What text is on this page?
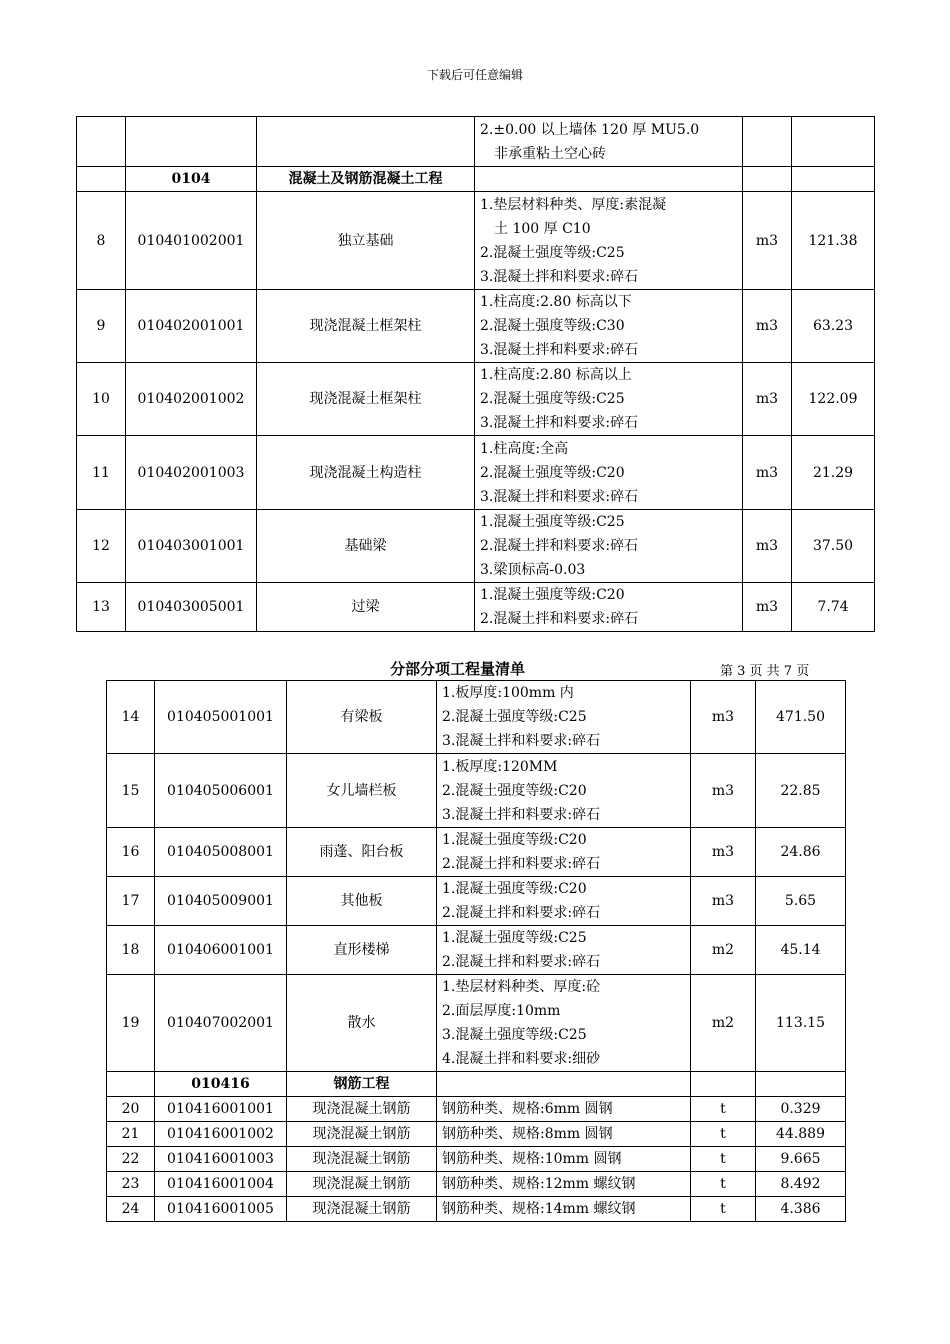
下载后可任意编辑

			2.±0.00 以上墙体 120 厚 MU5.0
非承重粘土空心砖		

	0104	混凝土及钢筋混凝土工程	

8	010401002001	独立基础	1.垫层材料种类、厚度:素混凝
土 100 厚 C10
2.混凝土强度等级:C25
3.混凝土拌和料要求:碎石	m3	121.38
9	010402001001	现浇混凝土框架柱	1.柱高度:2.80 标高以下
2.混凝土强度等级:C30
3.混凝土拌和料要求:碎石	m3	63.23
10	010402001002	现浇混凝土框架柱	1.柱高度:2.80 标高以上
2.混凝土强度等级:C25
3.混凝土拌和料要求:碎石	m3	122.09
11	010402001003	现浇混凝土构造柱	1.柱高度:全高
2.混凝土强度等级:C20
3.混凝土拌和料要求:碎石	m3	21.29
12	010403001001	基础梁	1.混凝土强度等级:C25
2.混凝土拌和料要求:碎石
3.梁顶标高-0.03	m3	37.50
13	010403005001	过梁	1.混凝土强度等级:C20
2.混凝土拌和料要求:碎石	m3	7.74
分部分项工程量清单	第 3 页 共 7 页
14	010405001001	有梁板	1.板厚度:100mm 内
2.混凝土强度等级:C25
3.混凝土拌和料要求:碎石	m3	471.50
15	010405006001	女儿墙栏板	1.板厚度:120MM
2.混凝土强度等级:C20
3.混凝土拌和料要求:碎石	m3	22.85
16	010405008001	雨蓬、阳台板	1.混凝土强度等级:C20
2.混凝土拌和料要求:碎石	m3	24.86
17	010405009001	其他板	1.混凝土强度等级:C20
2.混凝土拌和料要求:碎石	m3	5.65
18	010406001001	直形楼梯	1.混凝土强度等级:C25
2.混凝土拌和料要求:碎石	m2	45.14
19	010407002001	散水	1.垫层材料种类、厚度:砼
2.面层厚度:10mm
3.混凝土强度等级:C25
4.混凝土拌和料要求:细砂	m2	113.15
	010416	钢筋工程	

20	010416001001	现浇混凝土钢筋	钢筋种类、规格:6mm 圆钢	t	0.329
21	010416001002	现浇混凝土钢筋	钢筋种类、规格:8mm 圆钢	t	44.889
22	010416001003	现浇混凝土钢筋	钢筋种类、规格:10mm 圆钢	t	9.665
23	010416001004	现浇混凝土钢筋	钢筋种类、规格:12mm 螺纹钢	t	8.492
24	010416001005	现浇混凝土钢筋	钢筋种类、规格:14mm 螺纹钢	t	4.386
